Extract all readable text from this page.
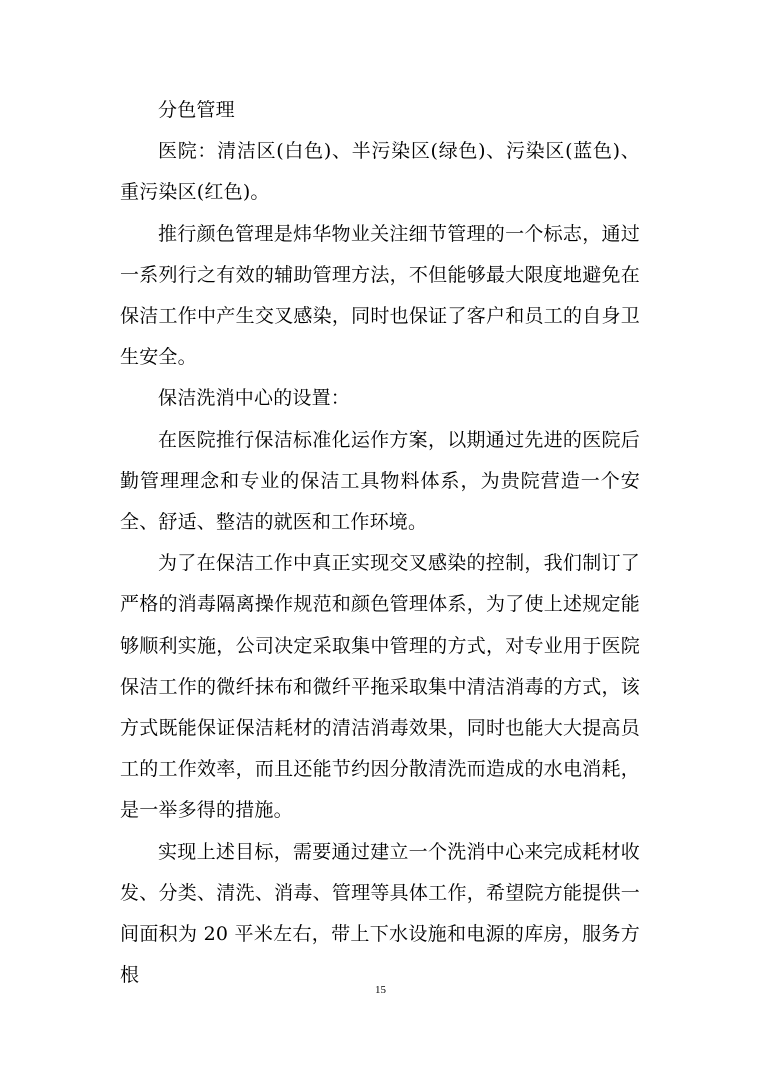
分色管理

医院：清洁区(白色)、半污染区(绿色)、污染区(蓝色)、重污染区(红色)。

推行颜色管理是炜华物业关注细节管理的一个标志，通过一系列行之有效的辅助管理方法，不但能够最大限度地避免在保洁工作中产生交叉感染，同时也保证了客户和员工的自身卫生安全。

保洁洗消中心的设置：

在医院推行保洁标准化运作方案，以期通过先进的医院后勤管理理念和专业的保洁工具物料体系，为贵院营造一个安全、舒适、整洁的就医和工作环境。

为了在保洁工作中真正实现交叉感染的控制，我们制订了严格的消毒隔离操作规范和颜色管理体系，为了使上述规定能够顺利实施，公司决定采取集中管理的方式，对专业用于医院保洁工作的微纤抹布和微纤平拖采取集中清洁消毒的方式，该方式既能保证保洁耗材的清洁消毒效果，同时也能大大提高员工的工作效率，而且还能节约因分散清洗而造成的水电消耗，是一举多得的措施。

实现上述目标，需要通过建立一个洗消中心来完成耗材收发、分类、清洗、消毒、管理等具体工作，希望院方能提供一间面积为 20 平米左右，带上下水设施和电源的库房，服务方根

15
